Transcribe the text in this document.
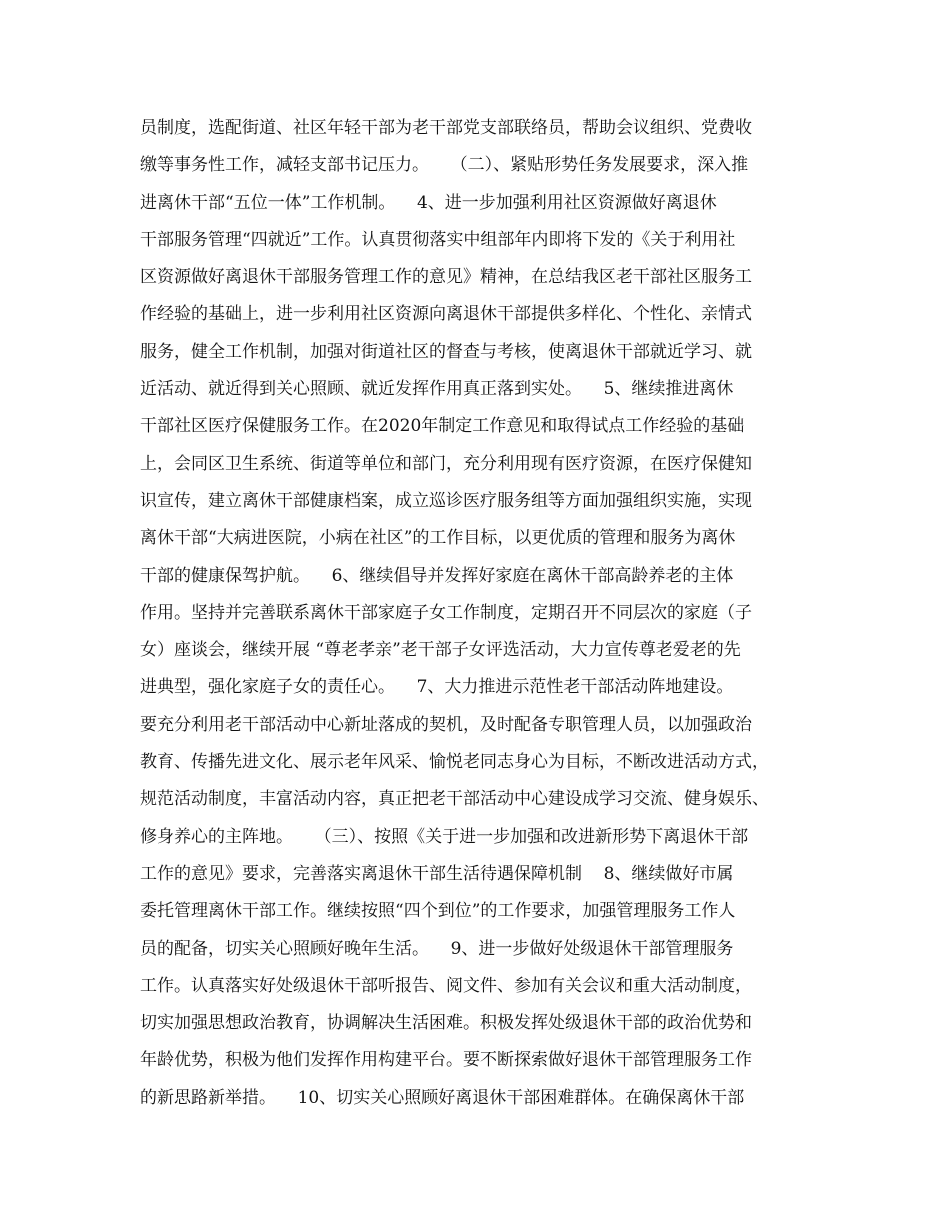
员制度，选配街道、社区年轻干部为老干部党支部联络员，帮助会议组织、党费收
缴等事务性工作，减轻支部书记压力。    （二）、紧贴形势任务发展要求，深入推
进离休干部“五位一体”工作机制。    4、进一步加强利用社区资源做好离退休
干部服务管理“四就近”工作。认真贯彻落实中组部年内即将下发的《关于利用社
区资源做好离退休干部服务管理工作的意见》精神，在总结我区老干部社区服务工
作经验的基础上，进一步利用社区资源向离退休干部提供多样化、个性化、亲情式
服务，健全工作机制，加强对街道社区的督查与考核，使离退休干部就近学习、就
近活动、就近得到关心照顾、就近发挥作用真正落到实处。    5、继续推进离休
干部社区医疗保健服务工作。在2020年制定工作意见和取得试点工作经验的基础
上，会同区卫生系统、街道等单位和部门，充分利用现有医疗资源，在医疗保健知
识宣传，建立离休干部健康档案，成立巡诊医疗服务组等方面加强组织实施，实现
离休干部“大病进医院，小病在社区”的工作目标，以更优质的管理和服务为离休
干部的健康保驾护航。    6、继续倡导并发挥好家庭在离休干部高龄养老的主体
作用。坚持并完善联系离休干部家庭子女工作制度，定期召开不同层次的家庭（子
女）座谈会，继续开展 “尊老孝亲”老干部子女评选活动，大力宣传尊老爱老的先
进典型，强化家庭子女的责任心。    7、大力推进示范性老干部活动阵地建设。
要充分利用老干部活动中心新址落成的契机，及时配备专职管理人员，以加强政治
教育、传播先进文化、展示老年风采、愉悦老同志身心为目标，不断改进活动方式，
规范活动制度，丰富活动内容，真正把老干部活动中心建设成学习交流、健身娱乐、
修身养心的主阵地。    （三）、按照《关于进一步加强和改进新形势下离退休干部
工作的意见》要求，完善落实离退休干部生活待遇保障机制    8、继续做好市属
委托管理离休干部工作。继续按照“四个到位”的工作要求，加强管理服务工作人
员的配备，切实关心照顾好晚年生活。    9、进一步做好处级退休干部管理服务
工作。认真落实好处级退休干部听报告、阅文件、参加有关会议和重大活动制度，
切实加强思想政治教育，协调解决生活困难。积极发挥处级退休干部的政治优势和
年龄优势，积极为他们发挥作用构建平台。要不断探索做好退休干部管理服务工作
的新思路新举措。    10、切实关心照顾好离退休干部困难群体。在确保离休干部
